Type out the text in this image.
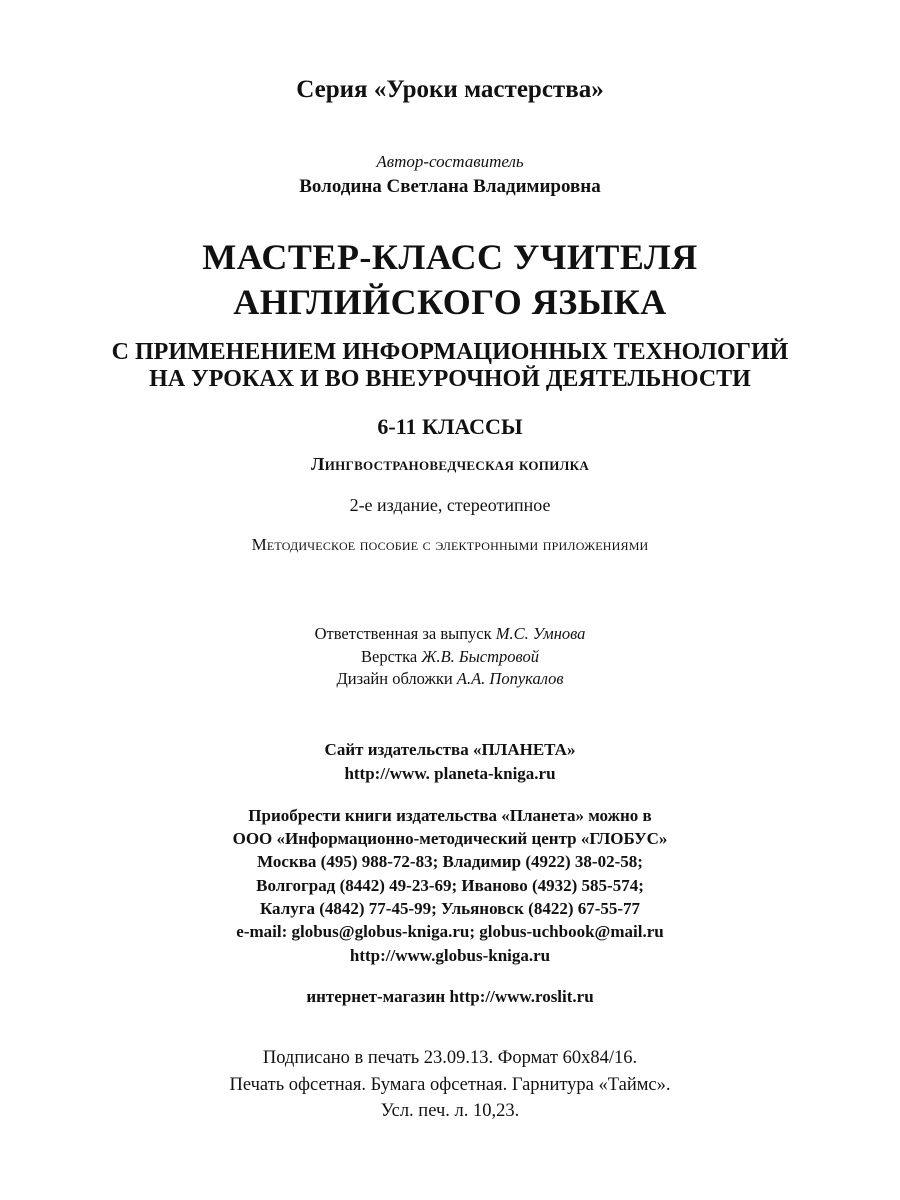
Серия «Уроки мастерства»
Автор-составитель
Володина Светлана Владимировна
МАСТЕР-КЛАСС УЧИТЕЛЯ
АНГЛИЙСКОГО ЯЗЫКА
С ПРИМЕНЕНИЕМ ИНФОРМАЦИОННЫХ ТЕХНОЛОГИЙ
НА УРОКАХ И ВО ВНЕУРОЧНОЙ ДЕЯТЕЛЬНОСТИ
6-11 КЛАССЫ
Лингвострановедческая копилка
2-е издание, стереотипное
Методическое пособие с электронными приложениями
Ответственная за выпуск М.С. Умнова
Верстка Ж.В. Быстровой
Дизайн обложки А.А. Попукалов
Сайт издательства «ПЛАНЕТА»
http://www. planeta-kniga.ru
Приобрести книги издательства «Планета» можно в
ООО «Информационно-методический центр «ГЛОБУС»
Москва (495) 988-72-83; Владимир (4922) 38-02-58;
Волгоград (8442) 49-23-69; Иваново (4932) 585-574;
Калуга (4842) 77-45-99; Ульяновск (8422) 67-55-77
e-mail: globus@globus-kniga.ru; globus-uchbook@mail.ru
http://www.globus-kniga.ru
интернет-магазин http://www.roslit.ru
Подписано в печать 23.09.13. Формат 60x84/16.
Печать офсетная. Бумага офсетная. Гарнитура «Таймс».
Усл. печ. л. 10,23.
